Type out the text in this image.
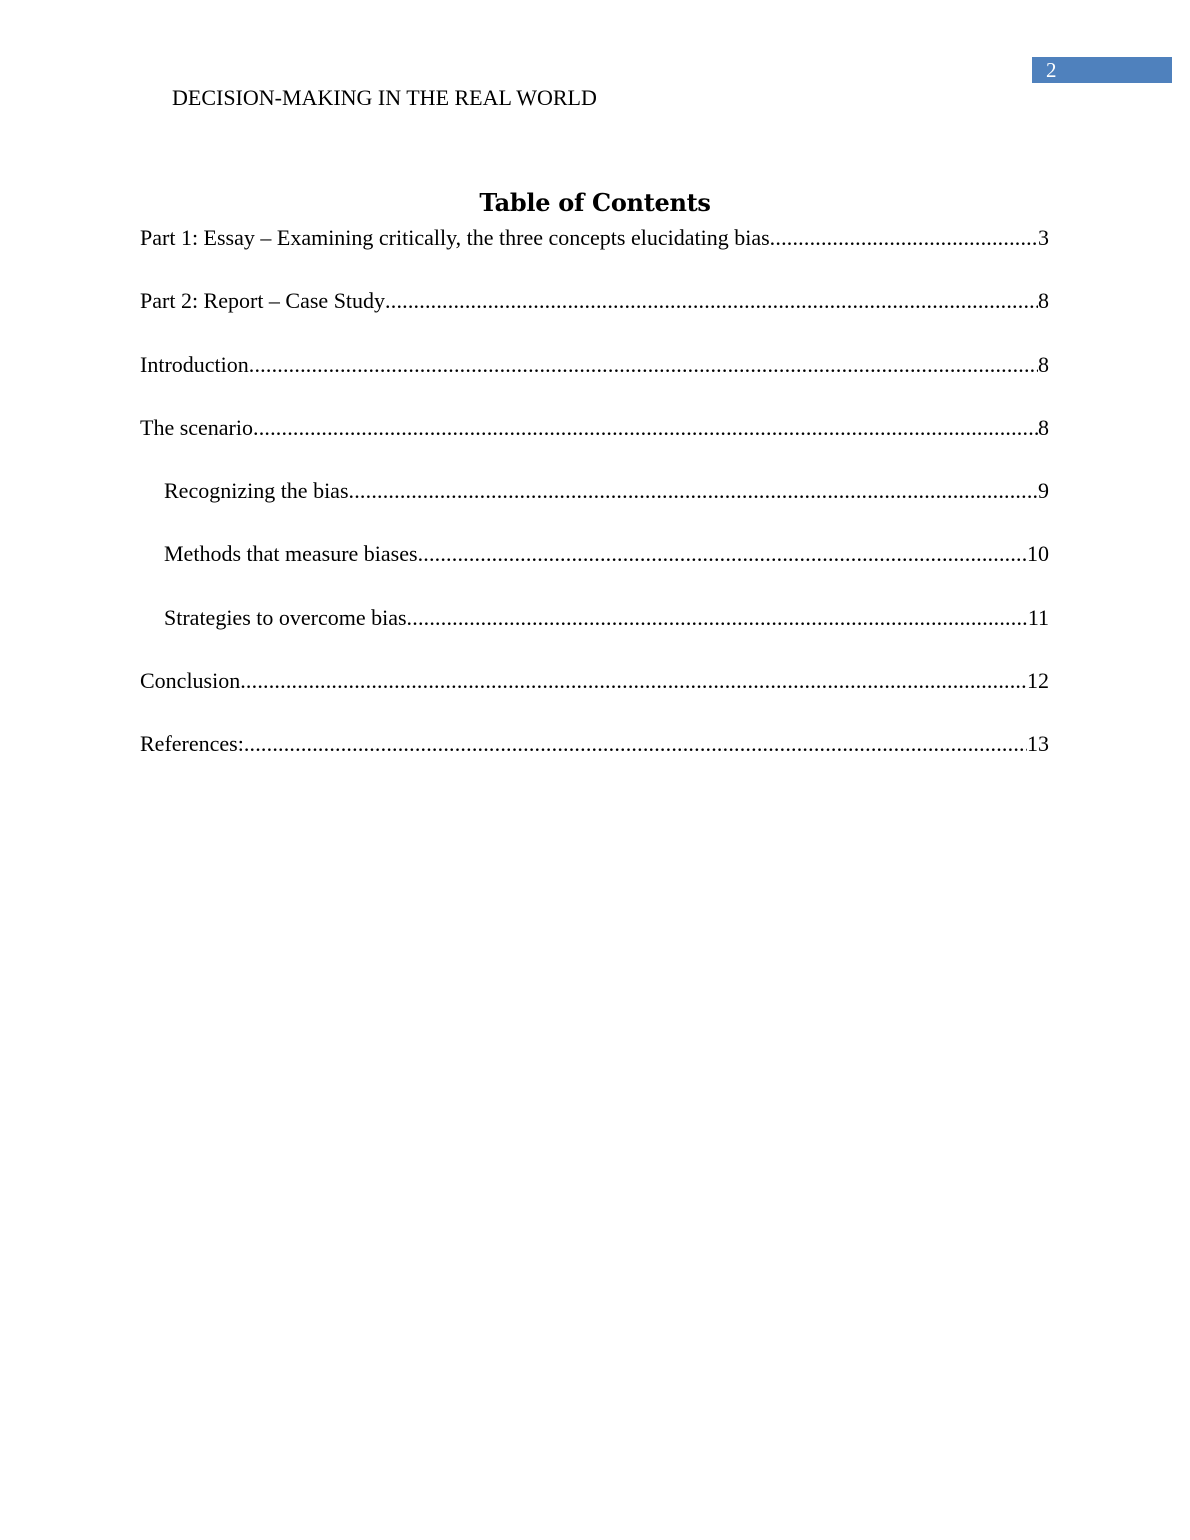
2
DECISION-MAKING IN THE REAL WORLD
Table of Contents
Part 1: Essay – Examining critically, the three concepts elucidating bias .....	3
Part 2: Report – Case Study .....	8
Introduction .....	8
The scenario .....	8
Recognizing the bias .....	9
Methods that measure biases .....	10
Strategies to overcome bias .....	11
Conclusion .....	12
References: .....	13
